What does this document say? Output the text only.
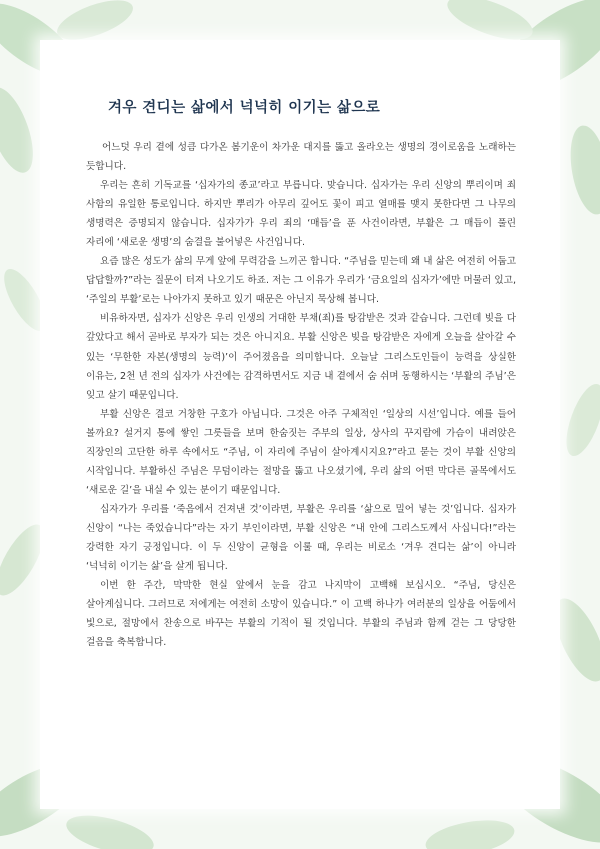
겨우 견디는 삶에서 넉넉히 이기는 삶으로

어느덧 우리 곁에 성큼 다가온 봄기운이 차가운 대지를 뚫고 올라오는 생명의 경이로움을 노래하는 듯합니다.

우리는 흔히 기독교를 ‘십자가의 종교’라고 부릅니다. 맞습니다. 십자가는 우리 신앙의 뿌리이며 죄 사함의 유일한 통로입니다. 하지만 뿌리가 아무리 깊어도 꽃이 피고 열매를 맺지 못한다면 그 나무의 생명력은 증명되지 않습니다. 십자가가 우리 죄의 ‘매듭’을 푼 사건이라면, 부활은 그 매듭이 풀린 자리에 ‘새로운 생명’의 숨결을 불어넣은 사건입니다.

요즘 많은 성도가 삶의 무게 앞에 무력감을 느끼곤 합니다. “주님을 믿는데 왜 내 삶은 여전히 어둡고 답답할까?”라는 질문이 터져 나오기도 하죠. 저는 그 이유가 우리가 ‘금요일의 십자가’에만 머물러 있고, ‘주일의 부활’로는 나아가지 못하고 있기 때문은 아닌지 묵상해 봅니다.

비유하자면, 십자가 신앙은 우리 인생의 거대한 부채(죄)를 탕감받은 것과 같습니다. 그런데 빚을 다 갚았다고 해서 곧바로 부자가 되는 것은 아니지요. 부활 신앙은 빚을 탕감받은 자에게 오늘을 살아갈 수 있는 ‘무한한 자본(생명의 능력)’이 주어졌음을 의미합니다. 오늘날 그리스도인들이 능력을 상실한 이유는, 2천 년 전의 십자가 사건에는 감격하면서도 지금 내 곁에서 숨 쉬며 동행하시는 ‘부활의 주님’은 잊고 살기 때문입니다.

부활 신앙은 결코 거창한 구호가 아닙니다. 그것은 아주 구체적인 ‘일상의 시선’입니다. 예를 들어 볼까요? 설거지 통에 쌓인 그릇들을 보며 한숨짓는 주부의 일상, 상사의 꾸지람에 가슴이 내려앉은 직장인의 고단한 하루 속에서도 “주님, 이 자리에 주님이 살아계시지요?”라고 묻는 것이 부활 신앙의 시작입니다. 부활하신 주님은 무덤이라는 절망을 뚫고 나오셨기에, 우리 삶의 어떤 막다른 골목에서도 ‘새로운 길’을 내실 수 있는 분이기 때문입니다.

십자가가 우리를 ‘죽음에서 건져낸 것’이라면, 부활은 우리를 ‘삶으로 밀어 넣는 것’입니다. 십자가 신앙이 “나는 죽었습니다”라는 자기 부인이라면, 부활 신앙은 “내 안에 그리스도께서 사십니다!”라는 강력한 자기 긍정입니다. 이 두 신앙이 균형을 이룰 때, 우리는 비로소 ‘겨우 견디는 삶’이 아니라 ‘넉넉히 이기는 삶’을 살게 됩니다.

이번 한 주간, 막막한 현실 앞에서 눈을 감고 나지막이 고백해 보십시오. “주님, 당신은 살아계십니다. 그러므로 저에게는 여전히 소망이 있습니다.” 이 고백 하나가 여러분의 일상을 어둠에서 빛으로, 절망에서 찬송으로 바꾸는 부활의 기적이 될 것입니다. 부활의 주님과 함께 걷는 그 당당한 걸음을 축복합니다.
